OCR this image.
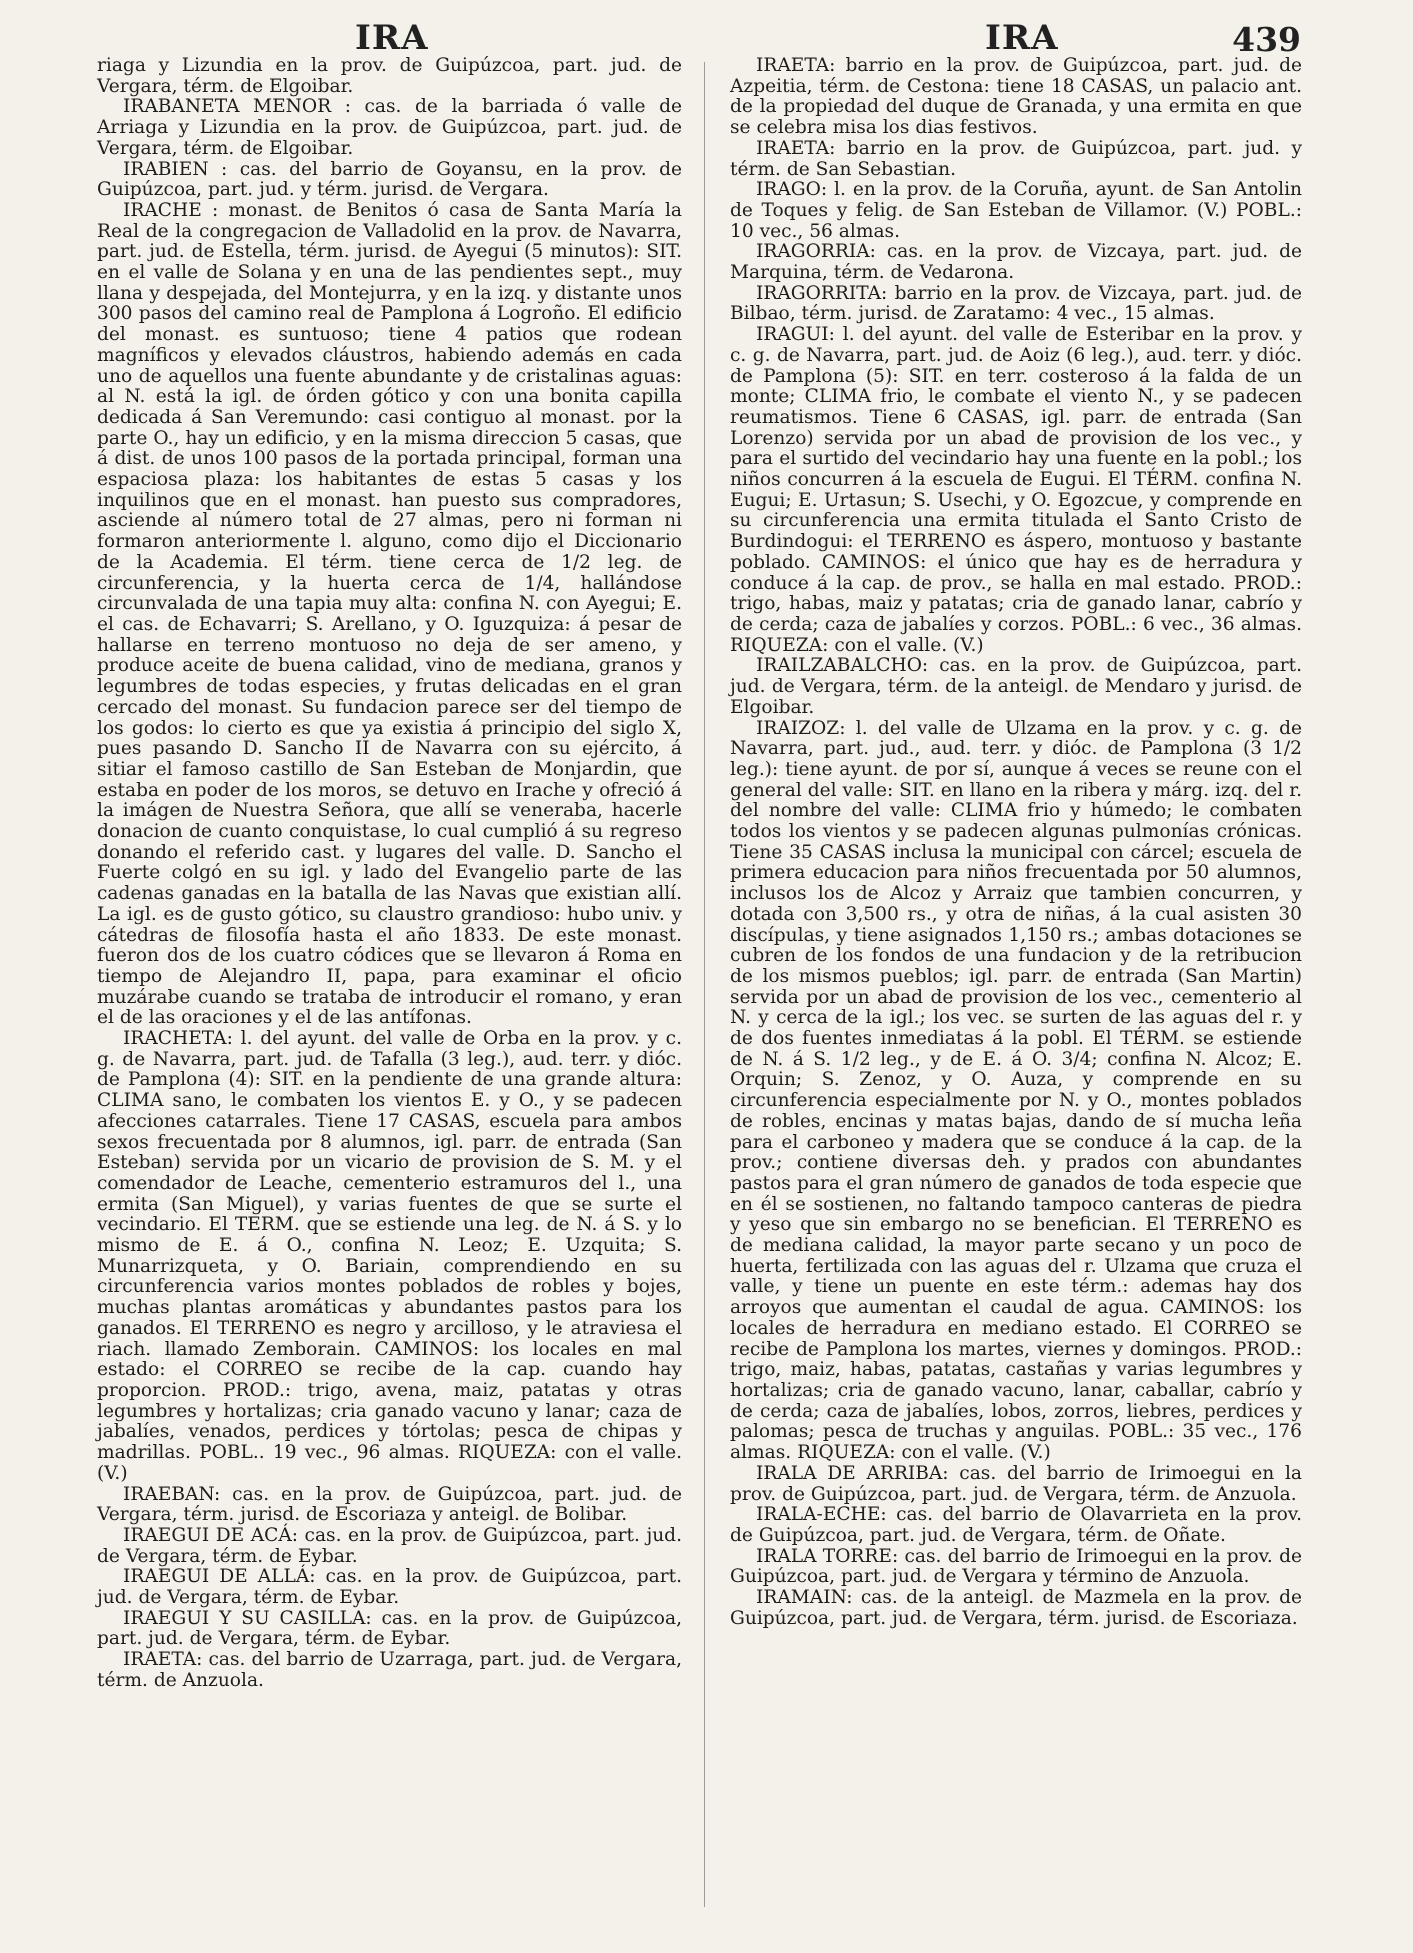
IRA	IRA	439

riaga y Lizundia en la prov. de Guipúzcoa, part. jud. de Vergara, térm. de Elgoibar.

IRABANETA MENOR : cas. de la barriada ó valle de Arriaga y Lizundia en la prov. de Guipúzcoa, part. jud. de Vergara, térm. de Elgoibar.

IRABIEN : cas. del barrio de Goyansu, en la prov. de Guipúzcoa, part. jud. y térm. jurisd. de Vergara.

IRACHE : monast. de Benitos ó casa de Santa María la Real de la congregacion de Valladolid en la prov. de Navarra, part. jud. de Estella, térm. jurisd. de Ayegui (5 minutos): SIT. en el valle de Solana y en una de las pendientes sept., muy llana y despejada, del Montejurra, y en la izq. y distante unos 300 pasos del camino real de Pamplona á Logroño. El edificio del monast. es suntuoso; tiene 4 patios que rodean magníficos y elevados cláustros, habiendo además en cada uno de aquellos una fuente abundante y de cristalinas aguas: al N. está la igl. de órden gótico y con una bonita capilla dedicada á San Veremundo: casi contiguo al monast. por la parte O., hay un edificio, y en la misma direccion 5 casas, que á dist. de unos 100 pasos de la portada principal, forman una espaciosa plaza: los habitantes de estas 5 casas y los inquilinos que en el monast. han puesto sus compradores, asciende al número total de 27 almas, pero ni forman ni formaron anteriormente l. alguno, como dijo el Diccionario de la Academia. El térm. tiene cerca de 1/2 leg. de circunferencia, y la huerta cerca de 1/4, hallándose circunvalada de una tapia muy alta: confina N. con Ayegui; E. el cas. de Echavarri; S. Arellano, y O. Iguzquiza: á pesar de hallarse en terreno montuoso no deja de ser ameno, y produce aceite de buena calidad, vino de mediana, granos y legumbres de todas especies, y frutas delicadas en el gran cercado del monast. Su fundacion parece ser del tiempo de los godos: lo cierto es que ya existia á principio del siglo X, pues pasando D. Sancho II de Navarra con su ejército, á sitiar el famoso castillo de San Esteban de Monjardin, que estaba en poder de los moros, se detuvo en Irache y ofreció á la imágen de Nuestra Señora, que allí se veneraba, hacerle donacion de cuanto conquistase, lo cual cumplió á su regreso donando el referido cast. y lugares del valle. D. Sancho el Fuerte colgó en su igl. y lado del Evangelio parte de las cadenas ganadas en la batalla de las Navas que existian allí. La igl. es de gusto gótico, su claustro grandioso: hubo univ. y cátedras de filosofía hasta el año 1833. De este monast. fueron dos de los cuatro códices que se llevaron á Roma en tiempo de Alejandro II, papa, para examinar el oficio muzárabe cuando se trataba de introducir el romano, y eran el de las oraciones y el de las antífonas.

IRACHETA: l. del ayunt. del valle de Orba en la prov. y c. g. de Navarra, part. jud. de Tafalla (3 leg.), aud. terr. y dióc. de Pamplona (4): SIT. en la pendiente de una grande altura: CLIMA sano, le combaten los vientos E. y O., y se padecen afecciones catarrales. Tiene 17 CASAS, escuela para ambos sexos frecuentada por 8 alumnos, igl. parr. de entrada (San Esteban) servida por un vicario de provision de S. M. y el comendador de Leache, cementerio estramuros del l., una ermita (San Miguel), y varias fuentes de que se surte el vecindario. El TERM. que se estiende una leg. de N. á S. y lo mismo de E. á O., confina N. Leoz; E. Uzquita; S. Munarrizqueta, y O. Bariain, comprendiendo en su circunferencia varios montes poblados de robles y bojes, muchas plantas aromáticas y abundantes pastos para los ganados. El TERRENO es negro y arcilloso, y le atraviesa el riach. llamado Zemborain. CAMINOS: los locales en mal estado: el CORREO se recibe de la cap. cuando hay proporcion. PROD.: trigo, avena, maiz, patatas y otras legumbres y hortalizas; cria ganado vacuno y lanar; caza de jabalíes, venados, perdices y tórtolas; pesca de chipas y madrillas. POBL.. 19 vec., 96 almas. RIQUEZA: con el valle. (V.)

IRAEBAN: cas. en la prov. de Guipúzcoa, part. jud. de Vergara, térm. jurisd. de Escoriaza y anteigl. de Bolibar.

IRAEGUI DE ACÁ: cas. en la prov. de Guipúzcoa, part. jud. de Vergara, térm. de Eybar.

IRAEGUI DE ALLÁ: cas. en la prov. de Guipúzcoa, part. jud. de Vergara, térm. de Eybar.

IRAEGUI Y SU CASILLA: cas. en la prov. de Guipúzcoa, part. jud. de Vergara, térm. de Eybar.

IRAETA: cas. del barrio de Uzarraga, part. jud. de Vergara, térm. de Anzuola.

IRAETA: barrio en la prov. de Guipúzcoa, part. jud. de Azpeitia, térm. de Cestona: tiene 18 CASAS, un palacio ant. de la propiedad del duque de Granada, y una ermita en que se celebra misa los dias festivos.

IRAETA: barrio en la prov. de Guipúzcoa, part. jud. y térm. de San Sebastian.

IRAGO: l. en la prov. de la Coruña, ayunt. de San Antolin de Toques y felig. de San Esteban de Villamor. (V.) POBL.: 10 vec., 56 almas.

IRAGORRIA: cas. en la prov. de Vizcaya, part. jud. de Marquina, térm. de Vedarona.

IRAGORRITA: barrio en la prov. de Vizcaya, part. jud. de Bilbao, térm. jurisd. de Zaratamo: 4 vec., 15 almas.

IRAGUI: l. del ayunt. del valle de Esteribar en la prov. y c. g. de Navarra, part. jud. de Aoiz (6 leg.), aud. terr. y dióc. de Pamplona (5): SIT. en terr. costeroso á la falda de un monte; CLIMA frio, le combate el viento N., y se padecen reumatismos. Tiene 6 CASAS, igl. parr. de entrada (San Lorenzo) servida por un abad de provision de los vec., y para el surtido del vecindario hay una fuente en la pobl.; los niños concurren á la escuela de Eugui. El TÉRM. confina N. Eugui; E. Urtasun; S. Usechi, y O. Egozcue, y comprende en su circunferencia una ermita titulada el Santo Cristo de Burdindogui: el TERRENO es áspero, montuoso y bastante poblado. CAMINOS: el único que hay es de herradura y conduce á la cap. de prov., se halla en mal estado. PROD.: trigo, habas, maiz y patatas; cria de ganado lanar, cabrío y de cerda; caza de jabalíes y corzos. POBL.: 6 vec., 36 almas. RIQUEZA: con el valle. (V.)

IRAILZABALCHO: cas. en la prov. de Guipúzcoa, part. jud. de Vergara, térm. de la anteigl. de Mendaro y jurisd. de Elgoibar.

IRAIZOZ: l. del valle de Ulzama en la prov. y c. g. de Navarra, part. jud., aud. terr. y dióc. de Pamplona (3 1/2 leg.): tiene ayunt. de por sí, aunque á veces se reune con el general del valle: SIT. en llano en la ribera y márg. izq. del r. del nombre del valle: CLIMA frio y húmedo; le combaten todos los vientos y se padecen algunas pulmonías crónicas. Tiene 35 CASAS inclusa la municipal con cárcel; escuela de primera educacion para niños frecuentada por 50 alumnos, inclusos los de Alcoz y Arraiz que tambien concurren, y dotada con 3,500 rs., y otra de niñas, á la cual asisten 30 discípulas, y tiene asignados 1,150 rs.; ambas dotaciones se cubren de los fondos de una fundacion y de la retribucion de los mismos pueblos; igl. parr. de entrada (San Martin) servida por un abad de provision de los vec., cementerio al N. y cerca de la igl.; los vec. se surten de las aguas del r. y de dos fuentes inmediatas á la pobl. El TÉRM. se estiende de N. á S. 1/2 leg., y de E. á O. 3/4; confina N. Alcoz; E. Orquin; S. Zenoz, y O. Auza, y comprende en su circunferencia especialmente por N. y O., montes poblados de robles, encinas y matas bajas, dando de sí mucha leña para el carboneo y madera que se conduce á la cap. de la prov.; contiene diversas deh. y prados con abundantes pastos para el gran número de ganados de toda especie que en él se sostienen, no faltando tampoco canteras de piedra y yeso que sin embargo no se benefician. El TERRENO es de mediana calidad, la mayor parte secano y un poco de huerta, fertilizada con las aguas del r. Ulzama que cruza el valle, y tiene un puente en este térm.: ademas hay dos arroyos que aumentan el caudal de agua. CAMINOS: los locales de herradura en mediano estado. El CORREO se recibe de Pamplona los martes, viernes y domingos. PROD.: trigo, maiz, habas, patatas, castañas y varias legumbres y hortalizas; cria de ganado vacuno, lanar, caballar, cabrío y de cerda; caza de jabalíes, lobos, zorros, liebres, perdices y palomas; pesca de truchas y anguilas. POBL.: 35 vec., 176 almas. RIQUEZA: con el valle. (V.)

IRALA DE ARRIBA: cas. del barrio de Irimoegui en la prov. de Guipúzcoa, part. jud. de Vergara, térm. de Anzuola.

IRALA-ECHE: cas. del barrio de Olavarrieta en la prov. de Guipúzcoa, part. jud. de Vergara, térm. de Oñate.

IRALA TORRE: cas. del barrio de Irimoegui en la prov. de Guipúzcoa, part. jud. de Vergara y término de Anzuola.

IRAMAIN: cas. de la anteigl. de Mazmela en la prov. de Guipúzcoa, part. jud. de Vergara, térm. jurisd. de Escoriaza.
